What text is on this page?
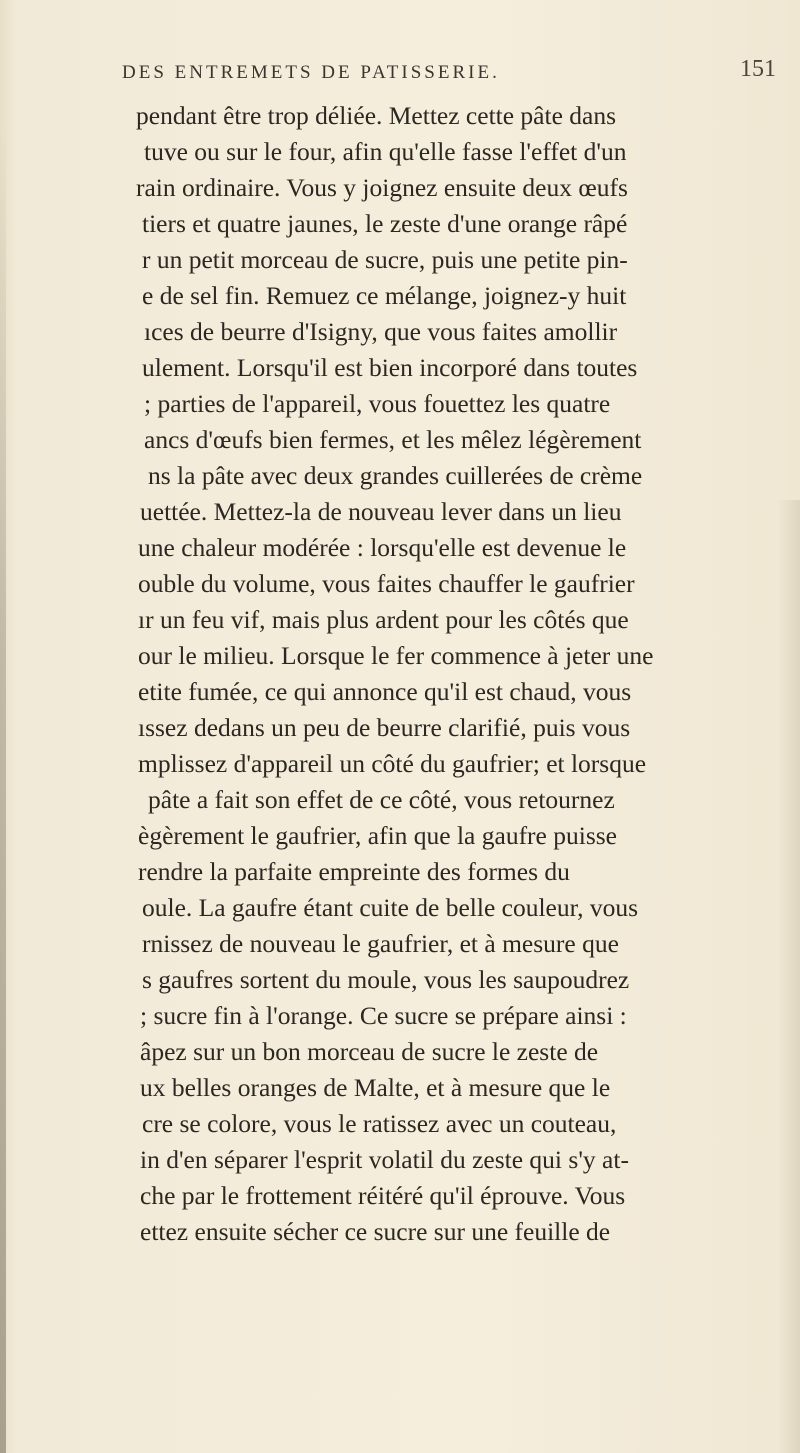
DES ENTREMETS DE PATISSERIE.	151
pendant être trop déliée. Mettez cette pâte dans
tuve ou sur le four, afin qu'elle fasse l'effet d'un
rain ordinaire. Vous y joignez ensuite deux œufs
tiers et quatre jaunes, le zeste d'une orange râpé
r un petit morceau de sucre, puis une petite pin-
e de sel fin. Remuez ce mélange, joignez-y huit
ıces de beurre d'Isigny, que vous faites amollir
ulement. Lorsqu'il est bien incorporé dans toutes
; parties de l'appareil, vous fouettez les quatre
ancs d'œufs bien fermes, et les mêlez légèrement
ns la pâte avec deux grandes cuillerées de crème
uettée. Mettez-la de nouveau lever dans un lieu
une chaleur modérée : lorsqu'elle est devenue le
ouble du volume, vous faites chauffer le gaufrier
ır un feu vif, mais plus ardent pour les côtés que
our le milieu. Lorsque le fer commence à jeter une
etite fumée, ce qui annonce qu'il est chaud, vous
ıssez dedans un peu de beurre clarifié, puis vous
mplissez d'appareil un côté du gaufrier; et lorsque
pâte a fait son effet de ce côté, vous retournez
ègèrement le gaufrier, afin que la gaufre puisse
rendre la parfaite empreinte des formes du
oule. La gaufre étant cuite de belle couleur, vous
rnissez de nouveau le gaufrier, et à mesure que
s gaufres sortent du moule, vous les saupoudrez
; sucre fin à l'orange. Ce sucre se prépare ainsi :
âpez sur un bon morceau de sucre le zeste de
ux belles oranges de Malte, et à mesure que le
cre se colore, vous le ratissez avec un couteau,
in d'en séparer l'esprit volatil du zeste qui s'y at-
che par le frottement réitéré qu'il éprouve. Vous
ettez ensuite sécher ce sucre sur une feuille de
